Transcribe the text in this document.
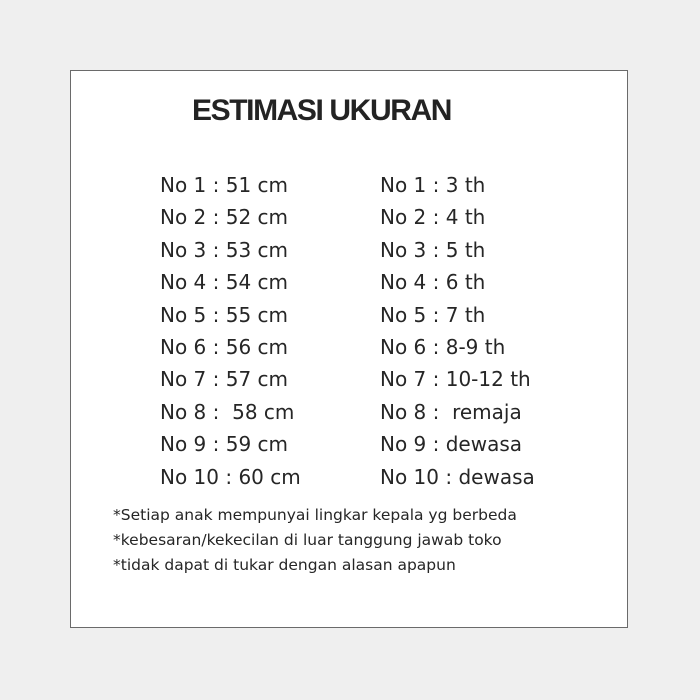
ESTIMASI UKURAN
No 1 : 51 cm
No 2 : 52 cm
No 3 : 53 cm
No 4 : 54 cm
No 5 : 55 cm
No 6 : 56 cm
No 7 : 57 cm
No 8 :  58 cm
No 9 : 59 cm
No 10 : 60 cm
No 1 : 3 th
No 2 : 4 th
No 3 : 5 th
No 4 : 6 th
No 5 : 7 th
No 6 : 8-9 th
No 7 : 10-12 th
No 8 :  remaja
No 9 : dewasa
No 10 : dewasa
*Setiap anak mempunyai lingkar kepala yg berbeda
*kebesaran/kekecilan di luar tanggung jawab toko
*tidak dapat di tukar dengan alasan apapun
